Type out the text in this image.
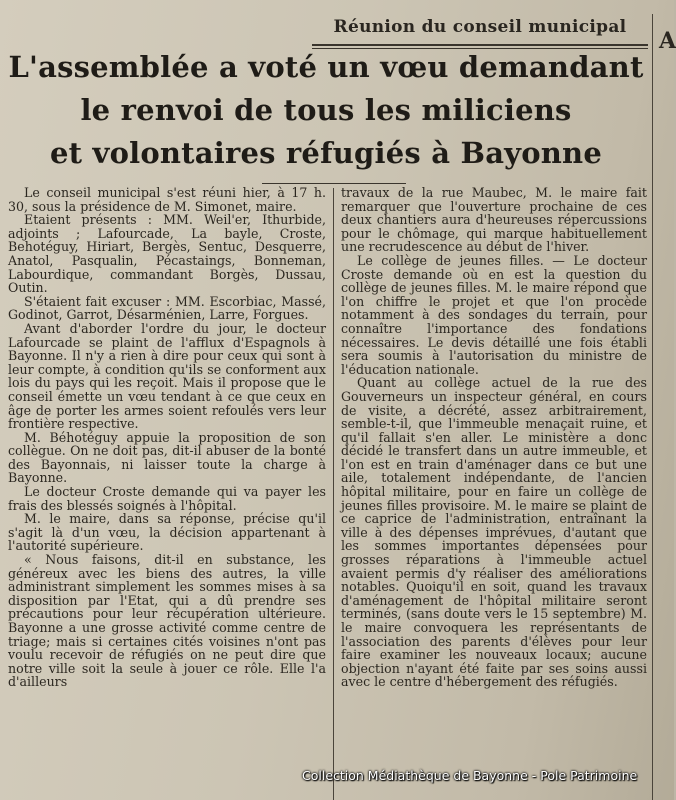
Réunion du conseil municipal
A
L'assemblée a voté un vœu demandant
le renvoi de tous les miliciens
et volontaires réfugiés à Bayonne

Le conseil municipal s'est réuni hier, à 17 h. 30, sous la présidence de M. Simonet, maire.

Etaient présents : MM. Weil'er, Ithurbide, adjoints ; Lafourcade, La bayle, Croste, Behotéguy, Hiriart, Bergès, Sentuc, Desquerre, Anatol, Pasqualin, Pécastaings, Bonneman, Labourdique, commandant Borgès, Dussau, Outin.

S'étaient fait excuser : MM. Escorbiac, Massé, Godinot, Garrot, Désarménien, Larre, Forgues.

Avant d'aborder l'ordre du jour, le docteur Lafourcade se plaint de l'afflux d'Espagnols à Bayonne. Il n'y a rien à dire pour ceux qui sont à leur compte, à condition qu'ils se conforment aux lois du pays qui les reçoit. Mais il propose que le conseil émette un vœu tendant à ce que ceux en âge de porter les armes soient refoulés vers leur frontière respective.

M. Béhotéguy appuie la proposition de son collègue. On ne doit pas, dit-il abuser de la bonté des Bayonnais, ni laisser toute la charge à Bayonne.

Le docteur Croste demande qui va payer les frais des blessés soignés à l'hôpital.

M. le maire, dans sa réponse, précise qu'il s'agit là d'un vœu, la décision appartenant à l'autorité supérieure.

« Nous faisons, dit-il en substance, les généreux avec les biens des autres, la ville administrant simplement les sommes mises à sa disposition par l'Etat, qui a dû prendre ses précautions pour leur récupération ultérieure. Bayonne a une grosse activité comme centre de triage; mais si certaines cités voisines n'ont pas voulu recevoir de réfugiés on ne peut dire que notre ville soit la seule à jouer ce rôle. Elle l'a d'ailleurs

travaux de la rue Maubec, M. le maire fait remarquer que l'ouverture prochaine de ces deux chantiers aura d'heureuses répercussions pour le chômage, qui marque habituellement une recrudescence au début de l'hiver.

Le collège de jeunes filles. — Le docteur Croste demande où en est la question du collège de jeunes filles. M. le maire répond que l'on chiffre le projet et que l'on procède notamment à des sondages du terrain, pour connaître l'importance des fondations nécessaires. Le devis détaillé une fois établi sera soumis à l'autorisation du ministre de l'éducation nationale.

Quant au collège actuel de la rue des Gouverneurs un inspecteur général, en cours de visite, a décrété, assez arbitrairement, semble-t-il, que l'immeuble menaçait ruine, et qu'il fallait s'en aller. Le ministère a donc décidé le transfert dans un autre immeuble, et l'on est en train d'aménager dans ce but une aile, totalement indépendante, de l'ancien hôpital militaire, pour en faire un collège de jeunes filles provisoire. M. le maire se plaint de ce caprice de l'administration, entraînant la ville à des dépenses imprévues, d'autant que les sommes importantes dépensées pour grosses réparations à l'immeuble actuel avaient permis d'y réaliser des améliorations notables. Quoiqu'il en soit, quand les travaux d'aménagement de l'hôpital militaire seront terminés, (sans doute vers le 15 septembre) M. le maire convoquera les représentants de l'association des parents d'élèves pour leur faire examiner les nouveaux locaux; aucune objection n'ayant été faite par ses soins aussi avec le centre d'hébergement des réfugiés.

Collection Médiathèque de Bayonne - Pole Patrimoine
